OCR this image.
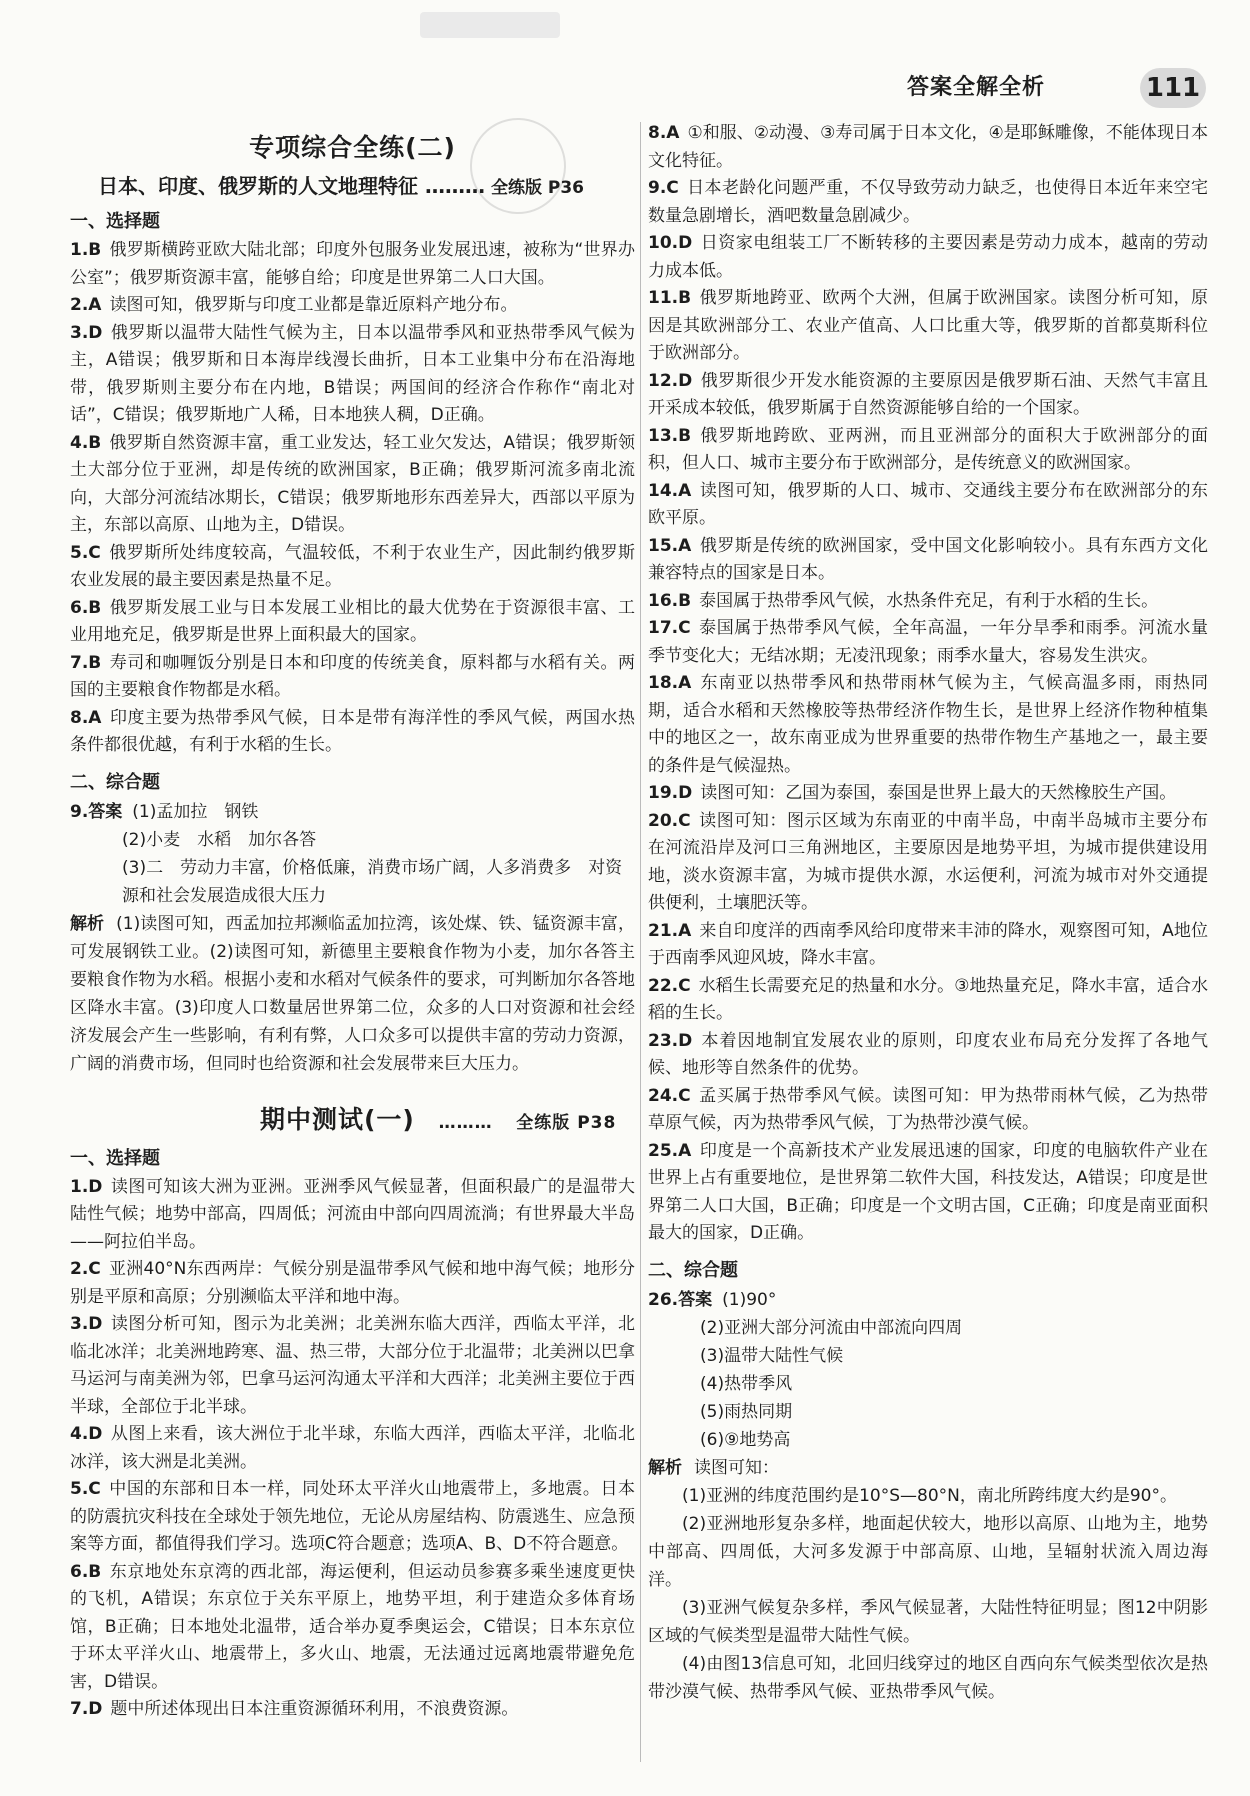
答案全解全析	111
专项综合全练(二)
日本、印度、俄罗斯的人文地理特征 ……… 全练版 P36
一、选择题

1.B 俄罗斯横跨亚欧大陆北部；印度外包服务业发展迅速，被称为“世界办公室”；俄罗斯资源丰富，能够自给；印度是世界第二人口大国。

2.A 读图可知，俄罗斯与印度工业都是靠近原料产地分布。

3.D 俄罗斯以温带大陆性气候为主，日本以温带季风和亚热带季风气候为主，A错误；俄罗斯和日本海岸线漫长曲折，日本工业集中分布在沿海地带，俄罗斯则主要分布在内地，B错误；两国间的经济合作称作“南北对话”，C错误；俄罗斯地广人稀，日本地狭人稠，D正确。

4.B 俄罗斯自然资源丰富，重工业发达，轻工业欠发达，A错误；俄罗斯领土大部分位于亚洲，却是传统的欧洲国家，B正确；俄罗斯河流多南北流向，大部分河流结冰期长，C错误；俄罗斯地形东西差异大，西部以平原为主，东部以高原、山地为主，D错误。

5.C 俄罗斯所处纬度较高，气温较低，不利于农业生产，因此制约俄罗斯农业发展的最主要因素是热量不足。

6.B 俄罗斯发展工业与日本发展工业相比的最大优势在于资源很丰富、工业用地充足，俄罗斯是世界上面积最大的国家。

7.B 寿司和咖喱饭分别是日本和印度的传统美食，原料都与水稻有关。两国的主要粮食作物都是水稻。

8.A 印度主要为热带季风气候，日本是带有海洋性的季风气候，两国水热条件都很优越，有利于水稻的生长。

二、综合题
9.答案 (1)孟加拉　钢铁
(2)小麦　水稻　加尔各答
(3)二　劳动力丰富，价格低廉，消费市场广阔，人多消费多　对资源和社会发展造成很大压力
解析 (1)读图可知，西孟加拉邦濒临孟加拉湾，该处煤、铁、锰资源丰富，可发展钢铁工业。(2)读图可知，新德里主要粮食作物为小麦，加尔各答主要粮食作物为水稻。根据小麦和水稻对气候条件的要求，可判断加尔各答地区降水丰富。(3)印度人口数量居世界第二位，众多的人口对资源和社会经济发展会产生一些影响，有利有弊，人口众多可以提供丰富的劳动力资源，广阔的消费市场，但同时也给资源和社会发展带来巨大压力。
期中测试(一) ……… 全练版 P38
一、选择题

1.D 读图可知该大洲为亚洲。亚洲季风气候显著，但面积最广的是温带大陆性气候；地势中部高，四周低；河流由中部向四周流淌；有世界最大半岛——阿拉伯半岛。

2.C 亚洲40°N东西两岸：气候分别是温带季风气候和地中海气候；地形分别是平原和高原；分别濒临太平洋和地中海。

3.D 读图分析可知，图示为北美洲；北美洲东临大西洋，西临太平洋，北临北冰洋；北美洲地跨寒、温、热三带，大部分位于北温带；北美洲以巴拿马运河与南美洲为邻，巴拿马运河沟通太平洋和大西洋；北美洲主要位于西半球，全部位于北半球。

4.D 从图上来看，该大洲位于北半球，东临大西洋，西临太平洋，北临北冰洋，该大洲是北美洲。

5.C 中国的东部和日本一样，同处环太平洋火山地震带上，多地震。日本的防震抗灾科技在全球处于领先地位，无论从房屋结构、防震逃生、应急预案等方面，都值得我们学习。选项C符合题意；选项A、B、D不符合题意。

6.B 东京地处东京湾的西北部，海运便利，但运动员参赛多乘坐速度更快的飞机，A错误；东京位于关东平原上，地势平坦，利于建造众多体育场馆，B正确；日本地处北温带，适合举办夏季奥运会，C错误；日本东京位于环太平洋火山、地震带上，多火山、地震，无法通过远离地震带避免危害，D错误。

7.D 题中所述体现出日本注重资源循环利用，不浪费资源。

8.A ①和服、②动漫、③寿司属于日本文化，④是耶稣雕像，不能体现日本文化特征。

9.C 日本老龄化问题严重，不仅导致劳动力缺乏，也使得日本近年来空宅数量急剧增长，酒吧数量急剧减少。

10.D 日资家电组装工厂不断转移的主要因素是劳动力成本，越南的劳动力成本低。

11.B 俄罗斯地跨亚、欧两个大洲，但属于欧洲国家。读图分析可知，原因是其欧洲部分工、农业产值高、人口比重大等，俄罗斯的首都莫斯科位于欧洲部分。

12.D 俄罗斯很少开发水能资源的主要原因是俄罗斯石油、天然气丰富且开采成本较低，俄罗斯属于自然资源能够自给的一个国家。

13.B 俄罗斯地跨欧、亚两洲，而且亚洲部分的面积大于欧洲部分的面积，但人口、城市主要分布于欧洲部分，是传统意义的欧洲国家。

14.A 读图可知，俄罗斯的人口、城市、交通线主要分布在欧洲部分的东欧平原。

15.A 俄罗斯是传统的欧洲国家，受中国文化影响较小。具有东西方文化兼容特点的国家是日本。

16.B 泰国属于热带季风气候，水热条件充足，有利于水稻的生长。

17.C 泰国属于热带季风气候，全年高温，一年分旱季和雨季。河流水量季节变化大；无结冰期；无凌汛现象；雨季水量大，容易发生洪灾。

18.A 东南亚以热带季风和热带雨林气候为主，气候高温多雨，雨热同期，适合水稻和天然橡胶等热带经济作物生长，是世界上经济作物种植集中的地区之一，故东南亚成为世界重要的热带作物生产基地之一，最主要的条件是气候湿热。

19.D 读图可知：乙国为泰国，泰国是世界上最大的天然橡胶生产国。

20.C 读图可知：图示区域为东南亚的中南半岛，中南半岛城市主要分布在河流沿岸及河口三角洲地区，主要原因是地势平坦，为城市提供建设用地，淡水资源丰富，为城市提供水源，水运便利，河流为城市对外交通提供便利，土壤肥沃等。

21.A 来自印度洋的西南季风给印度带来丰沛的降水，观察图可知，A地位于西南季风迎风坡，降水丰富。

22.C 水稻生长需要充足的热量和水分。③地热量充足，降水丰富，适合水稻的生长。

23.D 本着因地制宜发展农业的原则，印度农业布局充分发挥了各地气候、地形等自然条件的优势。

24.C 孟买属于热带季风气候。读图可知：甲为热带雨林气候，乙为热带草原气候，丙为热带季风气候，丁为热带沙漠气候。

25.A 印度是一个高新技术产业发展迅速的国家，印度的电脑软件产业在世界上占有重要地位，是世界第二软件大国，科技发达，A错误；印度是世界第二人口大国，B正确；印度是一个文明古国，C正确；印度是南亚面积最大的国家，D正确。

二、综合题
26.答案 (1)90°
(2)亚洲大部分河流由中部流向四周
(3)温带大陆性气候
(4)热带季风
(5)雨热同期
(6)⑨地势高
解析 读图可知：
(1)亚洲的纬度范围约是10°S—80°N，南北所跨纬度大约是90°。
(2)亚洲地形复杂多样，地面起伏较大，地形以高原、山地为主，地势中部高、四周低，大河多发源于中部高原、山地，呈辐射状流入周边海洋。
(3)亚洲气候复杂多样，季风气候显著，大陆性特征明显；图12中阴影区域的气候类型是温带大陆性气候。
(4)由图13信息可知，北回归线穿过的地区自西向东气候类型依次是热带沙漠气候、热带季风气候、亚热带季风气候。
